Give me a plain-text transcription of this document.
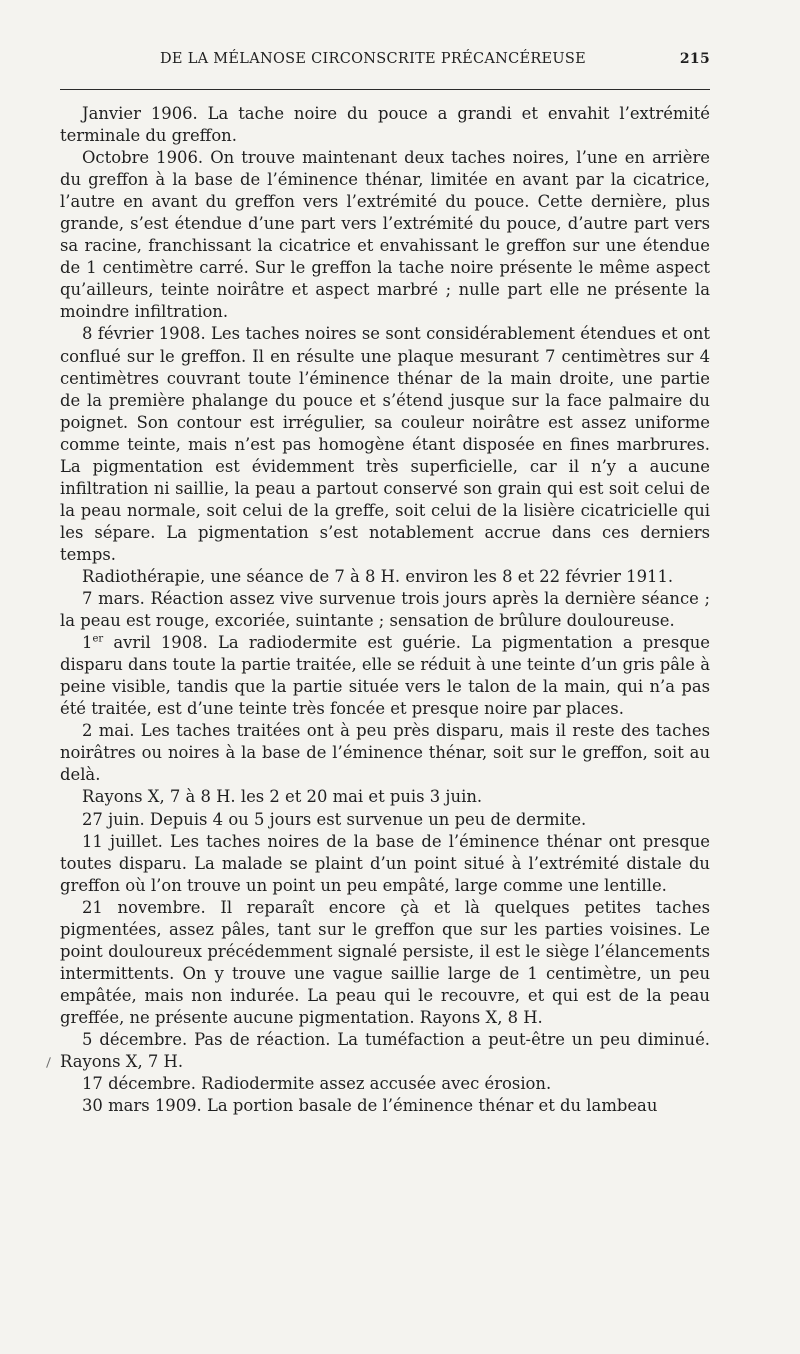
DE LA MÉLANOSE CIRCONSCRITE PRÉCANCÉREUSE	215

Janvier 1906. La tache noire du pouce a grandi et envahit l’extrémité terminale du greffon.

Octobre 1906. On trouve maintenant deux taches noires, l’une en arrière du greffon à la base de l’éminence thénar, limitée en avant par la cicatrice, l’autre en avant du greffon vers l’extrémité du pouce. Cette dernière, plus grande, s’est étendue d’une part vers l’extrémité du pouce, d’autre part vers sa racine, franchissant la cicatrice et envahissant le greffon sur une étendue de 1 centimètre carré. Sur le greffon la tache noire présente le même aspect qu’ailleurs, teinte noirâtre et aspect marbré ; nulle part elle ne présente la moindre infiltration.

8 février 1908. Les taches noires se sont considérablement étendues et ont conflué sur le greffon. Il en résulte une plaque mesurant 7 centimètres sur 4 centimètres couvrant toute l’éminence thénar de la main droite, une partie de la première phalange du pouce et s’étend jusque sur la face palmaire du poignet. Son contour est irrégulier, sa couleur noirâtre est assez uniforme comme teinte, mais n’est pas homogène étant disposée en fines marbrures. La pigmentation est évidemment très superficielle, car il n’y a aucune infiltration ni saillie, la peau a partout conservé son grain qui est soit celui de la peau normale, soit celui de la greffe, soit celui de la lisière cicatricielle qui les sépare. La pigmentation s’est notablement accrue dans ces derniers temps.

Radiothérapie, une séance de 7 à 8 H. environ les 8 et 22 février 1911.

7 mars. Réaction assez vive survenue trois jours après la dernière séance ; la peau est rouge, excoriée, suintante ; sensation de brûlure douloureuse.

1er avril 1908. La radiodermite est guérie. La pigmentation a presque disparu dans toute la partie traitée, elle se réduit à une teinte d’un gris pâle à peine visible, tandis que la partie située vers le talon de la main, qui n’a pas été traitée, est d’une teinte très foncée et presque noire par places.

2 mai. Les taches traitées ont à peu près disparu, mais il reste des taches noirâtres ou noires à la base de l’éminence thénar, soit sur le greffon, soit au delà.

Rayons X, 7 à 8 H. les 2 et 20 mai et puis 3 juin.

27 juin. Depuis 4 ou 5 jours est survenue un peu de dermite.

11 juillet. Les taches noires de la base de l’éminence thénar ont presque toutes disparu. La malade se plaint d’un point situé à l’extrémité distale du greffon où l’on trouve un point un peu empâté, large comme une lentille.

21 novembre. Il reparaît encore çà et là quelques petites taches pigmentées, assez pâles, tant sur le greffon que sur les parties voisines. Le point douloureux précédemment signalé persiste, il est le siège l’élancements intermittents. On y trouve une vague saillie large de 1 centimètre, un peu empâtée, mais non indurée. La peau qui le recouvre, et qui est de la peau greffée, ne présente aucune pigmentation. Rayons X, 8 H.

5 décembre. Pas de réaction. La tuméfaction a peut-être un peu diminué. Rayons X, 7 H.

17 décembre. Radiodermite assez accusée avec érosion.

30 mars 1909. La portion basale de l’éminence thénar et du lambeau
